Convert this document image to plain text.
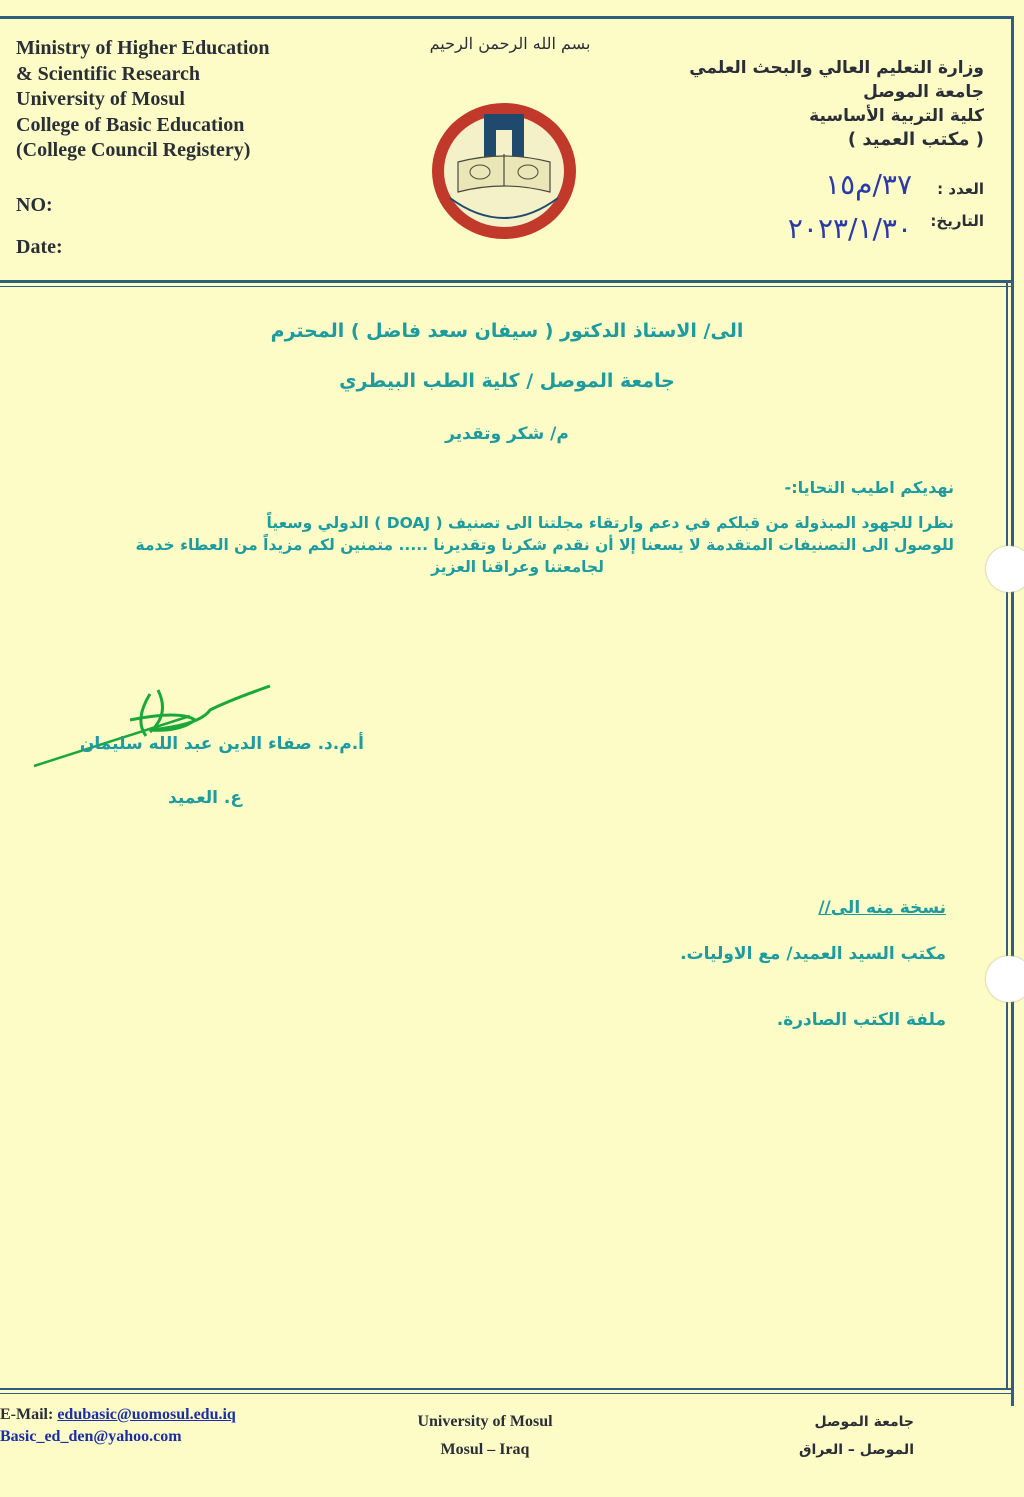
Ministry of Higher Education
& Scientific Research
University of Mosul
College of Basic Education
(College Council Registery)
NO:
Date:
بسم الله الرحمن الرحيم
وزارة التعليم العالي والبحث العلمي
جامعة الموصل
كلية التربية الأساسية
( مكتب العميد )
العدد :
التاريخ:
٣٧/م١٥
٢٠٢٣/١/٣٠
الى/ الاستاذ الدكتور ( سيفان سعد فاضل ) المحترم
جامعة الموصل / كلية الطب البيطري
م/ شكر وتقدير
نهديكم اطيب التحايا:-
نظرا للجهود المبذولة من قبلكم في دعم وارتقاء مجلتنا الى تصنيف ( DOAJ ) الدولي وسعياً
للوصول الى التصنيفات المتقدمة لا يسعنا إلا أن نقدم شكرنا وتقديرنا ..... متمنين لكم مزيداً من العطاء خدمة
لجامعتنا وعراقنا العزيز
أ.م.د. صفاء الدين عبد الله سليمان
ع. العميد
نسخة منه الى//
مكتب السيد العميد/ مع الاوليات.
ملفة الكتب الصادرة.
E-Mail: edubasic@uomosul.edu.iq
Basic_ed_den@yahoo.com
University of Mosul
Mosul – Iraq
جامعة الموصل
الموصل – العراق
